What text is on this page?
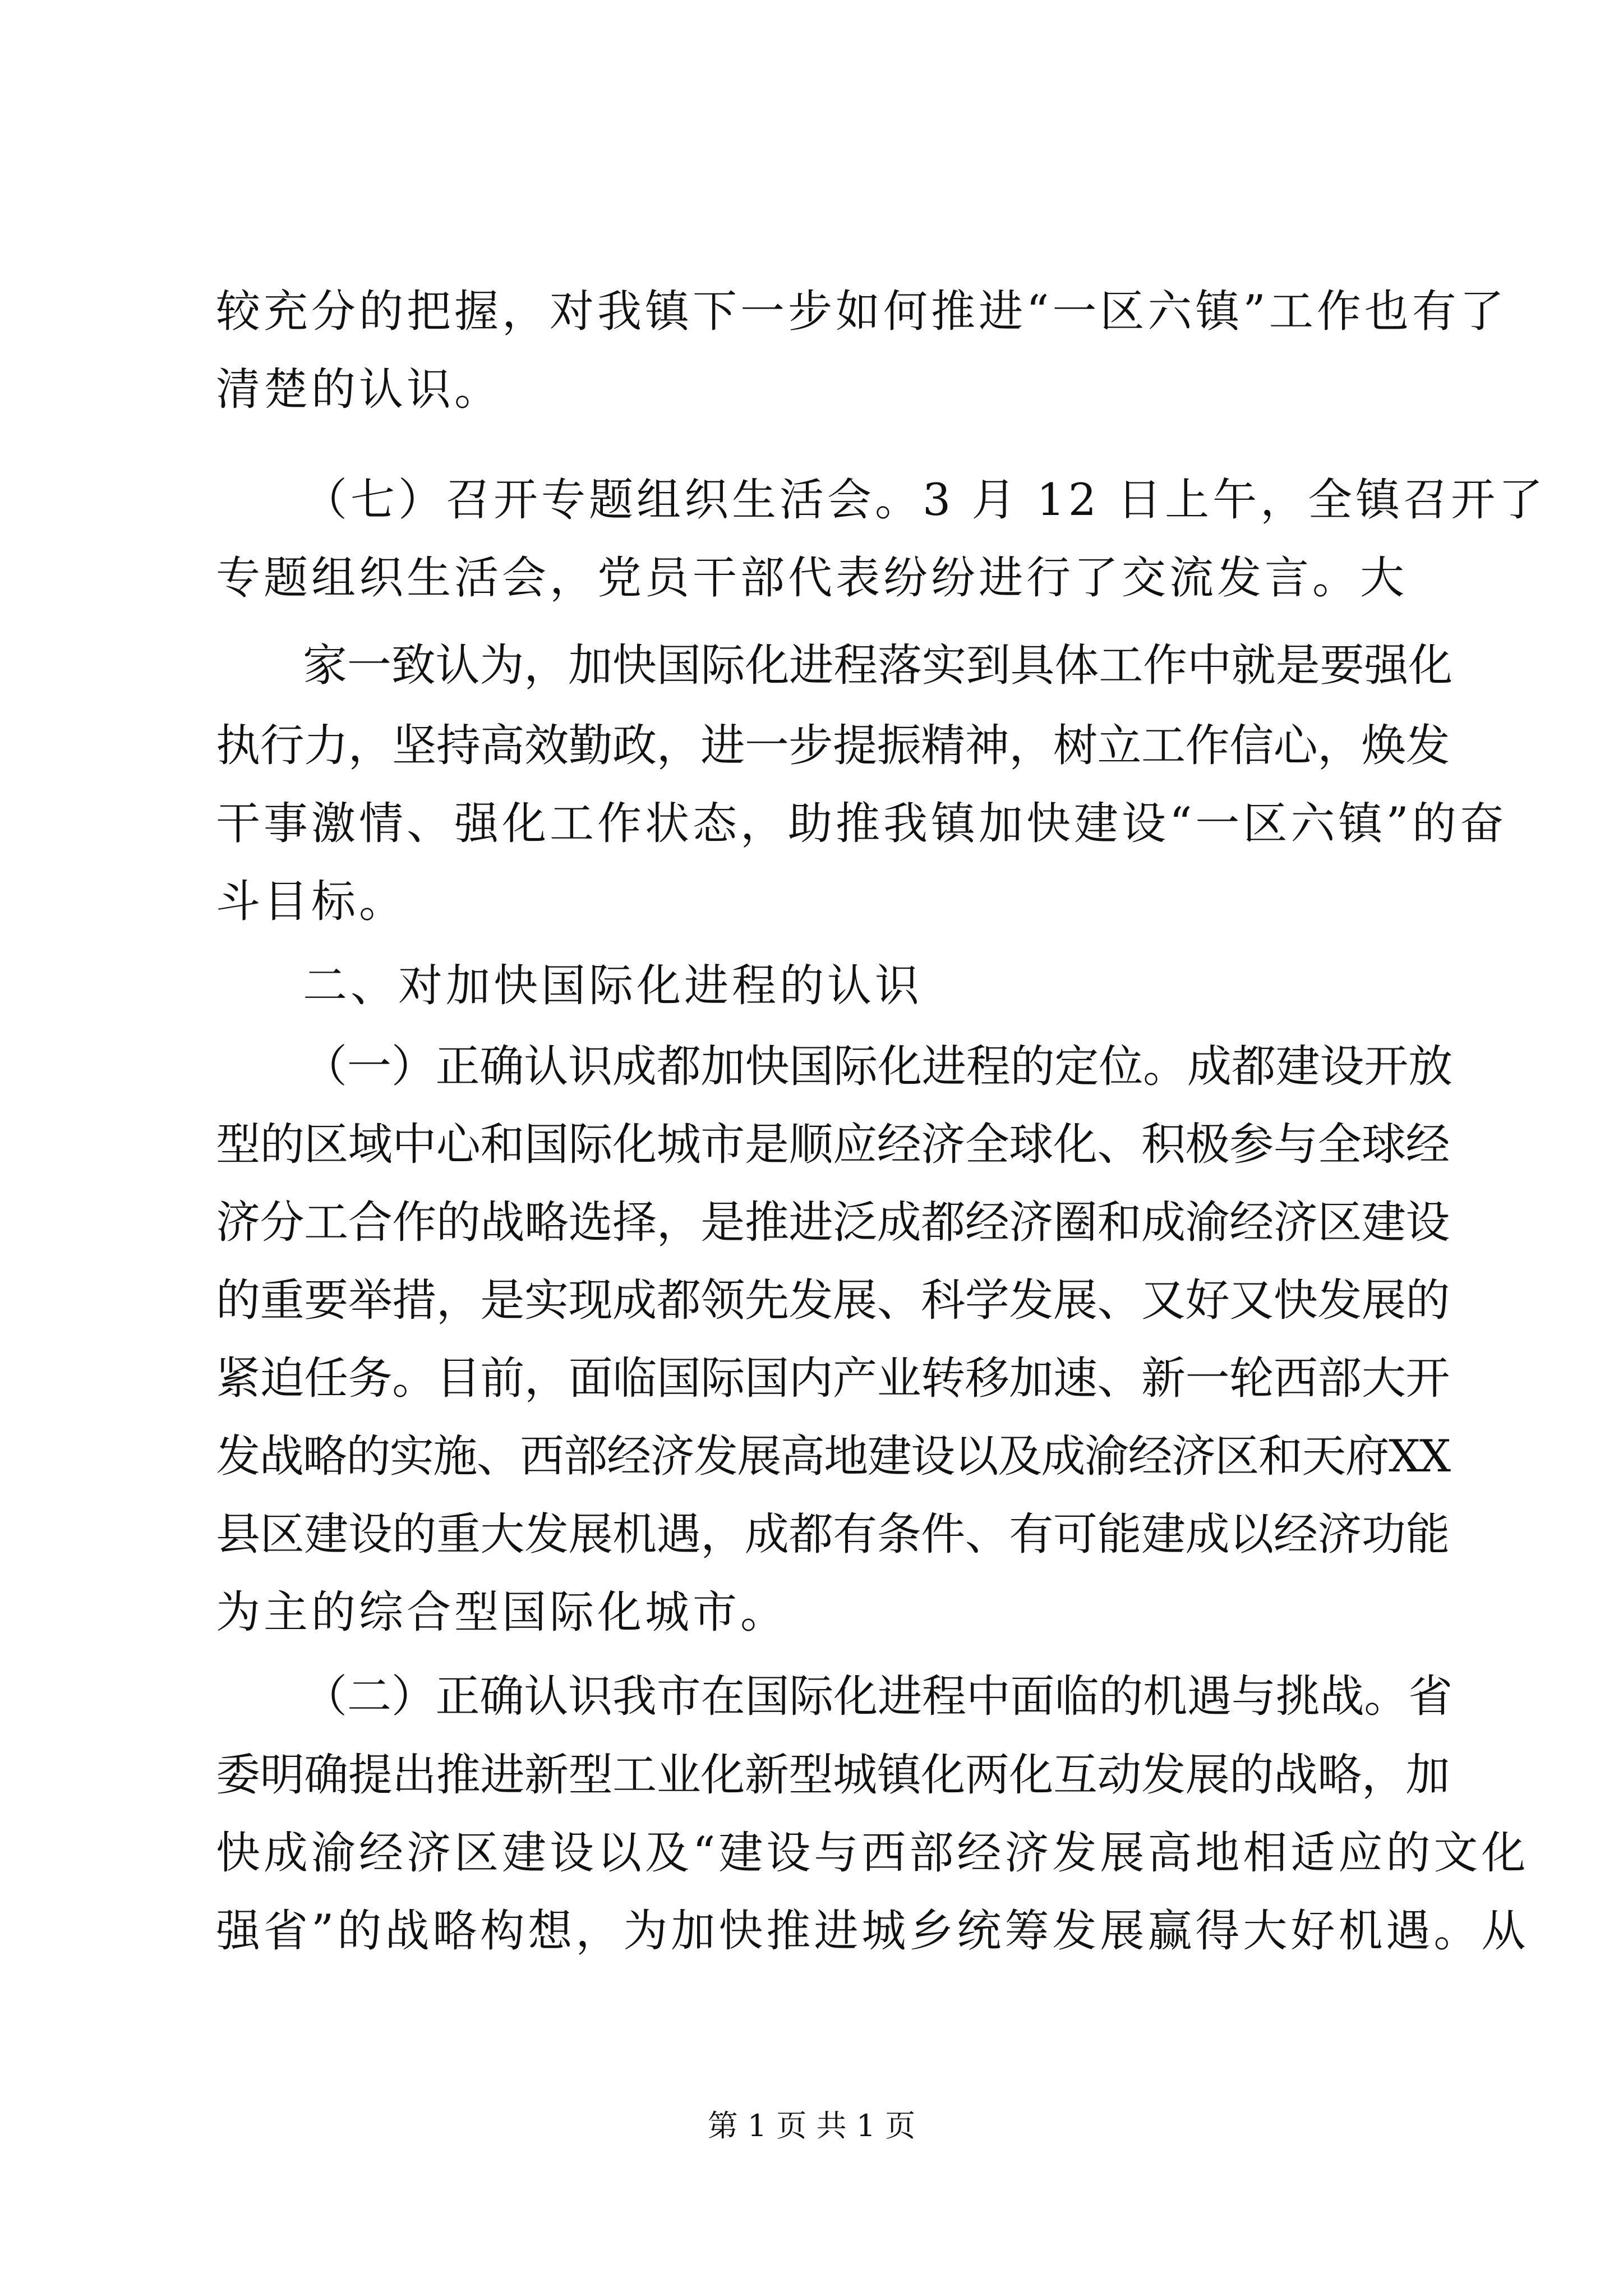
较充分的把握，对我镇下一步如何推进“一区六镇”工作也有了
清楚的认识。
（七）召开专题组织生活会。3 月 12 日上午，全镇召开了
专题组织生活会，党员干部代表纷纷进行了交流发言。大
家一致认为，加快国际化进程落实到具体工作中就是要强化
执行力，坚持高效勤政，进一步提振精神，树立工作信心，焕发
干事激情、强化工作状态，助推我镇加快建设“一区六镇”的奋
斗目标。
二、对加快国际化进程的认识
（一）正确认识成都加快国际化进程的定位。成都建设开放
型的区域中心和国际化城市是顺应经济全球化、积极参与全球经
济分工合作的战略选择，是推进泛成都经济圈和成渝经济区建设
的重要举措，是实现成都领先发展、科学发展、又好又快发展的
紧迫任务。目前，面临国际国内产业转移加速、新一轮西部大开
发战略的实施、西部经济发展高地建设以及成渝经济区和天府XX
县区建设的重大发展机遇，成都有条件、有可能建成以经济功能
为主的综合型国际化城市。
（二）正确认识我市在国际化进程中面临的机遇与挑战。省
委明确提出推进新型工业化新型城镇化两化互动发展的战略，加
快成渝经济区建设以及“建设与西部经济发展高地相适应的文化
强省”的战略构想，为加快推进城乡统筹发展赢得大好机遇。从
第 1 页 共 1 页
